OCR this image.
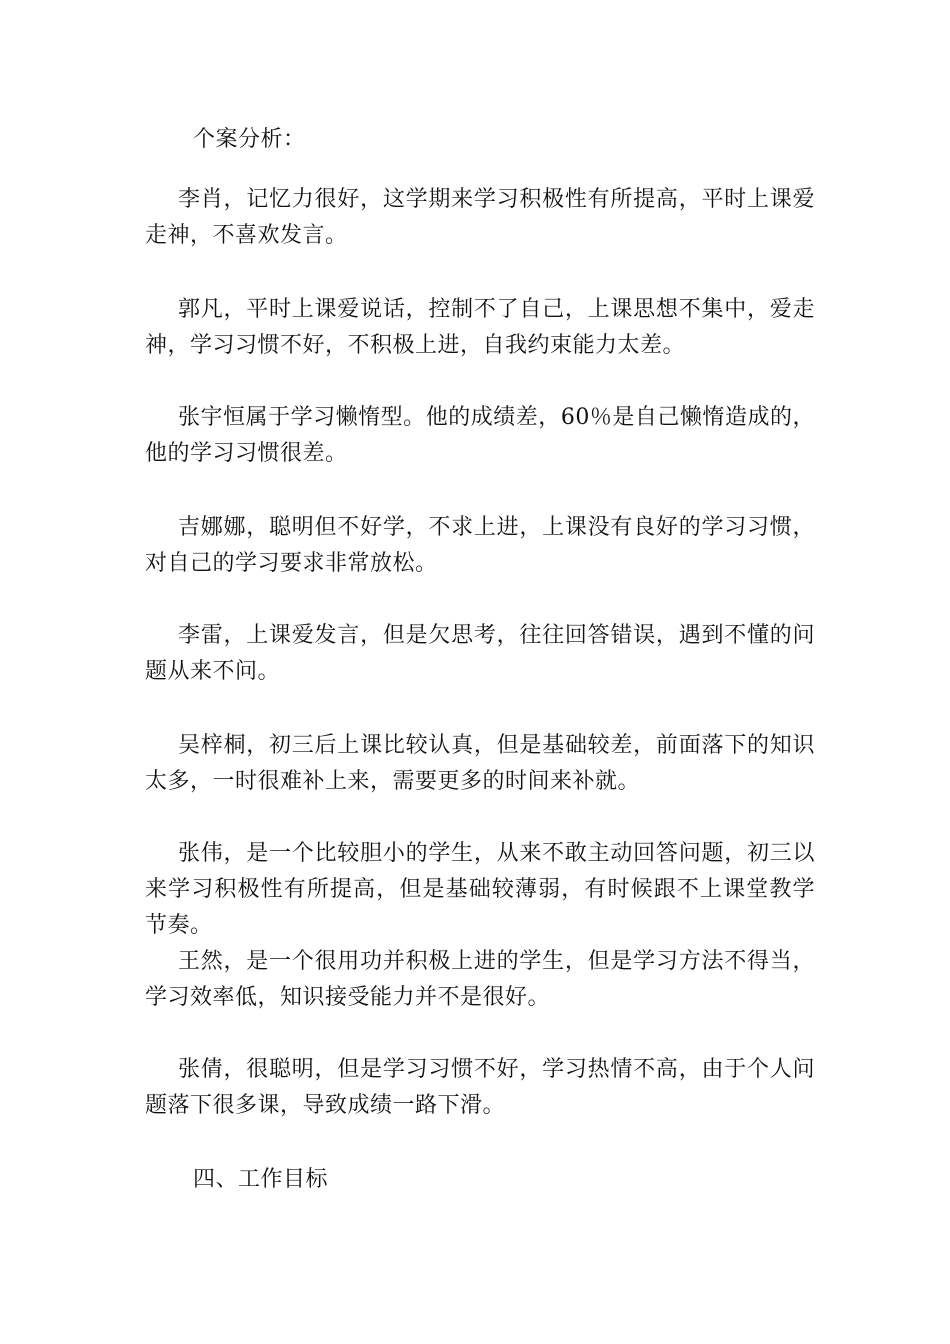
个案分析：
李肖，记忆力很好，这学期来学习积极性有所提高，平时上课爱走神，不喜欢发言。
郭凡，平时上课爱说话，控制不了自己，上课思想不集中，爱走神，学习习惯不好，不积极上进，自我约束能力太差。
张宇恒属于学习懒惰型。他的成绩差，60％是自己懒惰造成的，他的学习习惯很差。
吉娜娜，聪明但不好学，不求上进，上课没有良好的学习习惯，对自己的学习要求非常放松。
李雷，上课爱发言，但是欠思考，往往回答错误，遇到不懂的问题从来不问。
吴梓桐，初三后上课比较认真，但是基础较差，前面落下的知识太多，一时很难补上来，需要更多的时间来补就。
张伟，是一个比较胆小的学生，从来不敢主动回答问题，初三以来学习积极性有所提高，但是基础较薄弱，有时候跟不上课堂教学节奏。
王然，是一个很用功并积极上进的学生，但是学习方法不得当，学习效率低，知识接受能力并不是很好。
张倩，很聪明，但是学习习惯不好，学习热情不高，由于个人问题落下很多课，导致成绩一路下滑。
四、工作目标
